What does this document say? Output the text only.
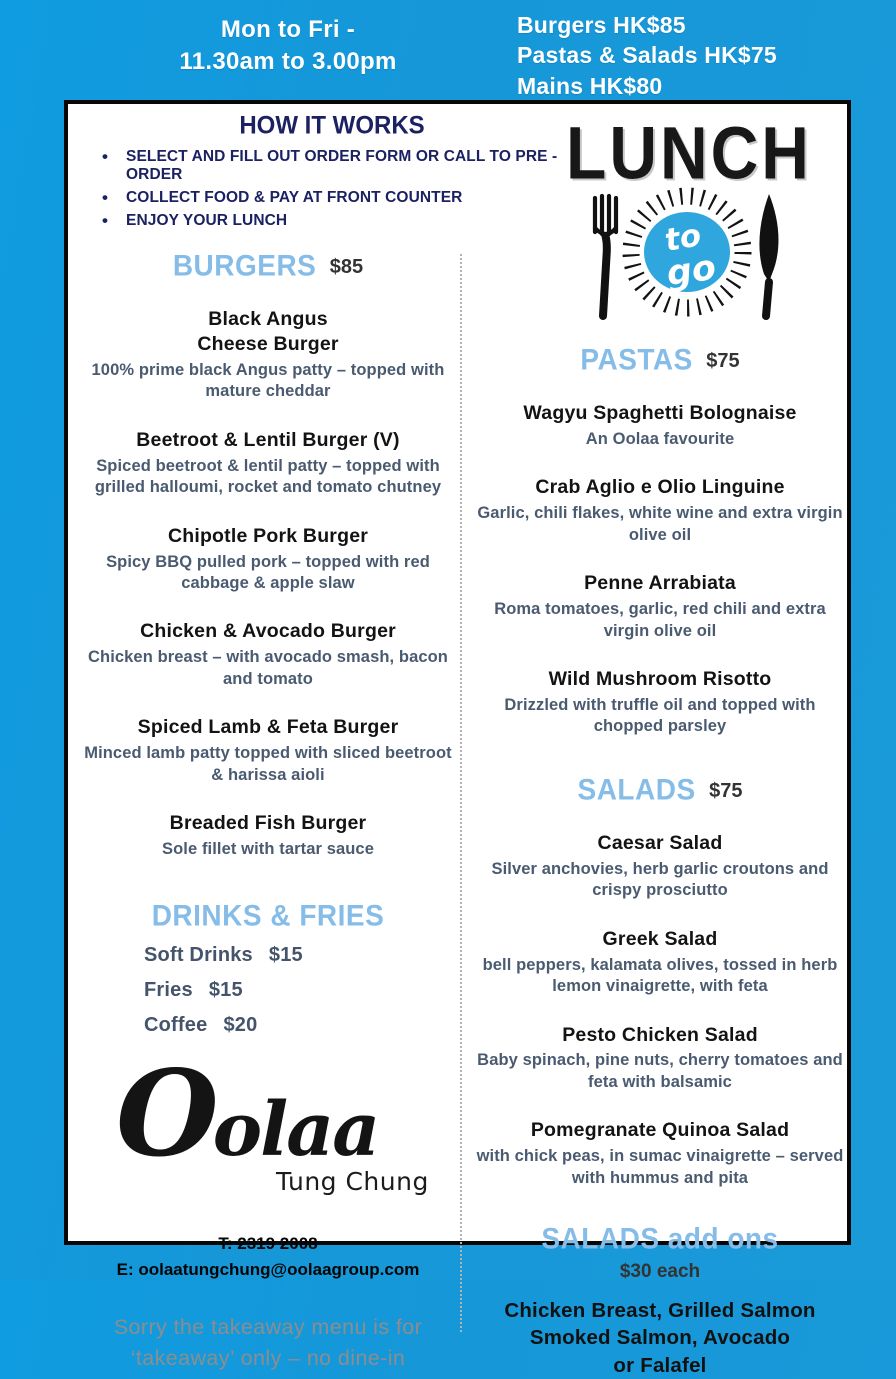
Mon to Fri -
11.30am to 3.00pm
Burgers HK$85
Pastas & Salads HK$75
Mains HK$80
HOW IT WORKS
• SELECT AND FILL OUT ORDER FORM OR CALL TO PRE - ORDER
• COLLECT FOOD & PAY AT FRONT COUNTER
• ENJOY YOUR LUNCH
LUNCH
to
go
BURGERS $85
Black Angus
Cheese Burger
100% prime black Angus patty – topped with mature cheddar
Beetroot & Lentil Burger (V)
Spiced beetroot & lentil patty – topped with grilled halloumi, rocket and tomato chutney
Chipotle Pork Burger
Spicy BBQ pulled pork – topped with red cabbage & apple slaw
Chicken & Avocado Burger
Chicken breast – with avocado smash, bacon and tomato
Spiced Lamb & Feta Burger
Minced lamb patty topped with sliced beetroot & harissa aioli
Breaded Fish Burger
Sole fillet with tartar sauce
DRINKS & FRIES
Soft Drinks $15
Fries $15
Coffee $20
Oolaa
Tung Chung
T: 2319 2008
E: oolaatungchung@oolaagroup.com
Sorry the takeaway menu is for
‘takeaway’ only – no dine-in
PASTAS $75
Wagyu Spaghetti Bolognaise
An Oolaa favourite
Crab Aglio e Olio Linguine
Garlic, chili flakes, white wine and extra virgin olive oil
Penne Arrabiata
Roma tomatoes, garlic, red chili and extra virgin olive oil
Wild Mushroom Risotto
Drizzled with truffle oil and topped with chopped parsley
SALADS $75
Caesar Salad
Silver anchovies, herb garlic croutons and crispy prosciutto
Greek Salad
bell peppers, kalamata olives, tossed in herb lemon vinaigrette, with feta
Pesto Chicken Salad
Baby spinach, pine nuts, cherry tomatoes and feta with balsamic
Pomegranate Quinoa Salad
with chick peas, in sumac vinaigrette – served with hummus and pita
SALADS add ons
$30 each
Chicken Breast, Grilled Salmon
Smoked Salmon, Avocado
or Falafel
